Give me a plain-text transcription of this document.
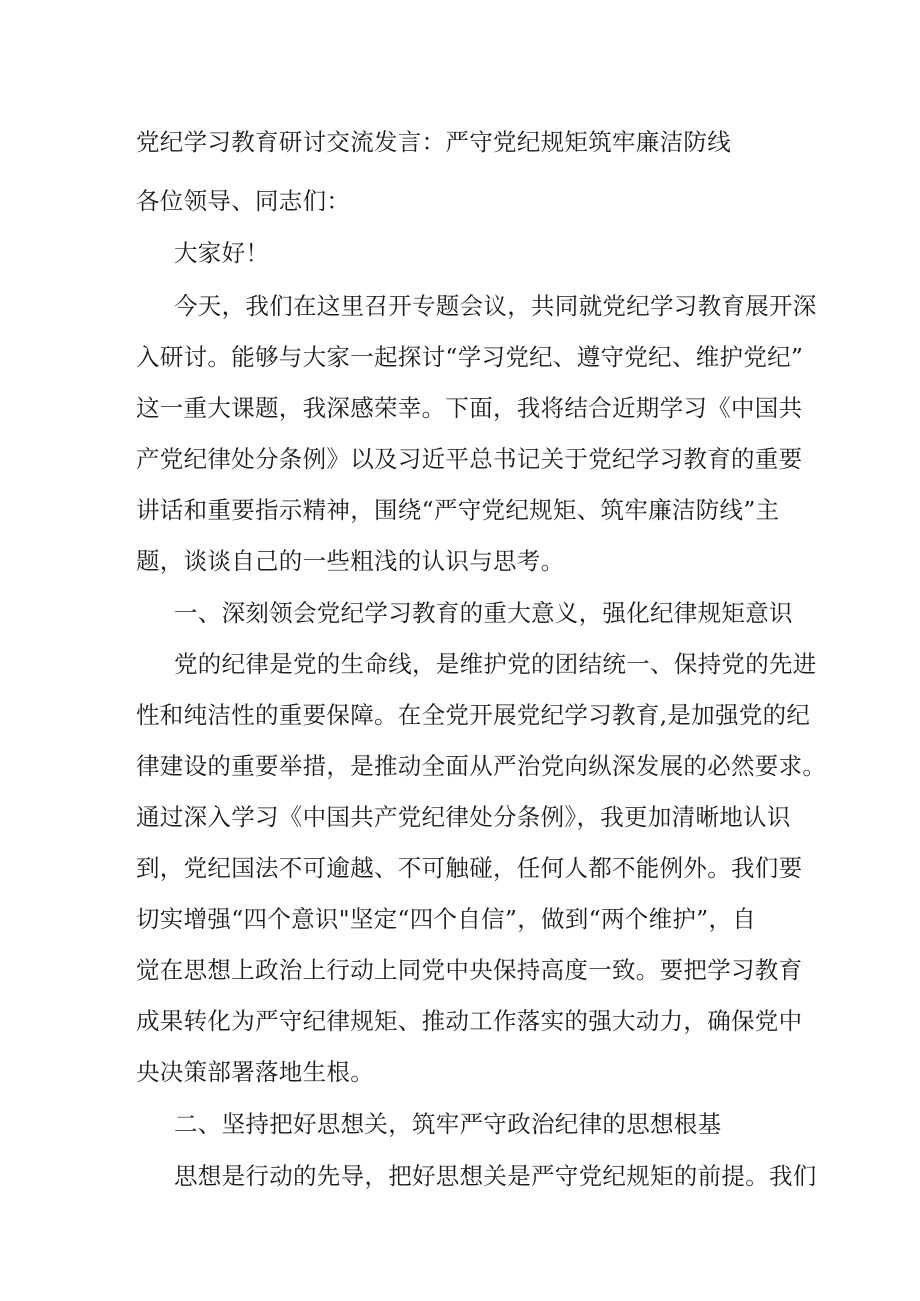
党纪学习教育研讨交流发言：严守党纪规矩筑牢廉洁防线
各位领导、同志们：
大家好！
今天，我们在这里召开专题会议，共同就党纪学习教育展开深
入研讨。能够与大家一起探讨“学习党纪、遵守党纪、维护党纪”
这一重大课题，我深感荣幸。下面，我将结合近期学习《中国共
产党纪律处分条例》以及习近平总书记关于党纪学习教育的重要
讲话和重要指示精神，围绕“严守党纪规矩、筑牢廉洁防线”主
题，谈谈自己的一些粗浅的认识与思考。
一、深刻领会党纪学习教育的重大意义，强化纪律规矩意识
党的纪律是党的生命线，是维护党的团结统一、保持党的先进
性和纯洁性的重要保障。在全党开展党纪学习教育,是加强党的纪
律建设的重要举措，是推动全面从严治党向纵深发展的必然要求。
通过深入学习《中国共产党纪律处分条例》，我更加清晰地认识
到，党纪国法不可逾越、不可触碰，任何人都不能例外。我们要
切实增强“四个意识"坚定“四个自信”，做到“两个维护”，自
觉在思想上政治上行动上同党中央保持高度一致。要把学习教育
成果转化为严守纪律规矩、推动工作落实的强大动力，确保党中
央决策部署落地生根。
二、坚持把好思想关，筑牢严守政治纪律的思想根基
思想是行动的先导，把好思想关是严守党纪规矩的前提。我们
